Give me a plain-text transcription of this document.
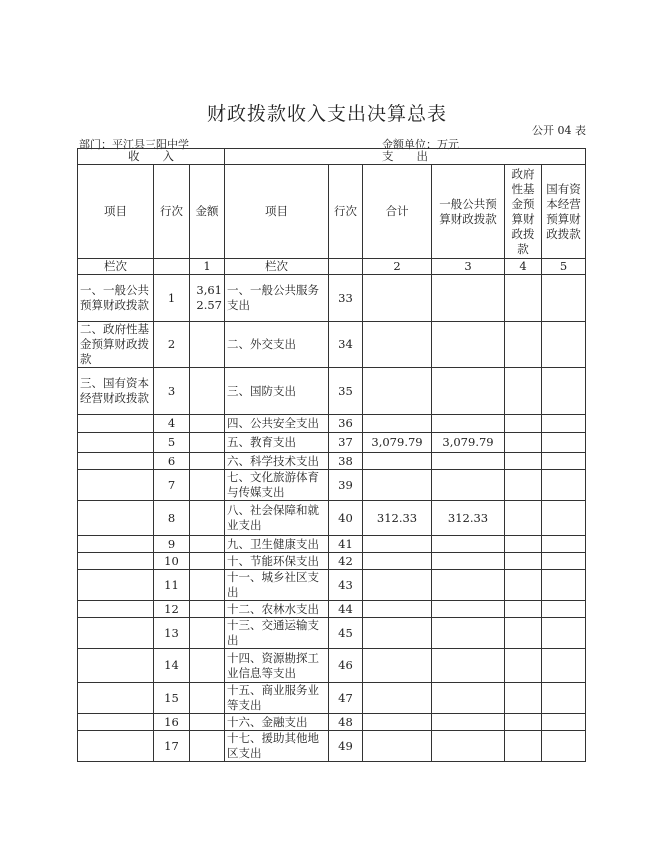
财政拨款收入支出决算总表
公开 04 表
部门：平江县三阳中学	金额单位：万元
收　　入			支　　出					
项目	行次	金额	项目	行次	合计	一般公共预算财政拨款	政府性基金预算财政拨款	国有资本经营预算财政拨款
栏次		1	栏次		2	3	4	5
一、一般公共预算财政拨款	1	3,612.57	一、一般公共服务支出	33				
二、政府性基金预算财政拨款	2		二、外交支出	34				
三、国有资本经营财政拨款	3		三、国防支出	35				
	4		四、公共安全支出	36				
	5		五、教育支出	37	3,079.79	3,079.79		
	6		六、科学技术支出	38				
	7		七、文化旅游体育与传媒支出	39				
	8		八、社会保障和就业支出	40	312.33	312.33		
	9		九、卫生健康支出	41				
	10		十、节能环保支出	42				
	11		十一、城乡社区支出	43				
	12		十二、农林水支出	44				
	13		十三、交通运输支出	45				
	14		十四、资源勘探工业信息等支出	46				
	15		十五、商业服务业等支出	47				
	16		十六、金融支出	48				
	17		十七、援助其他地区支出	49				
